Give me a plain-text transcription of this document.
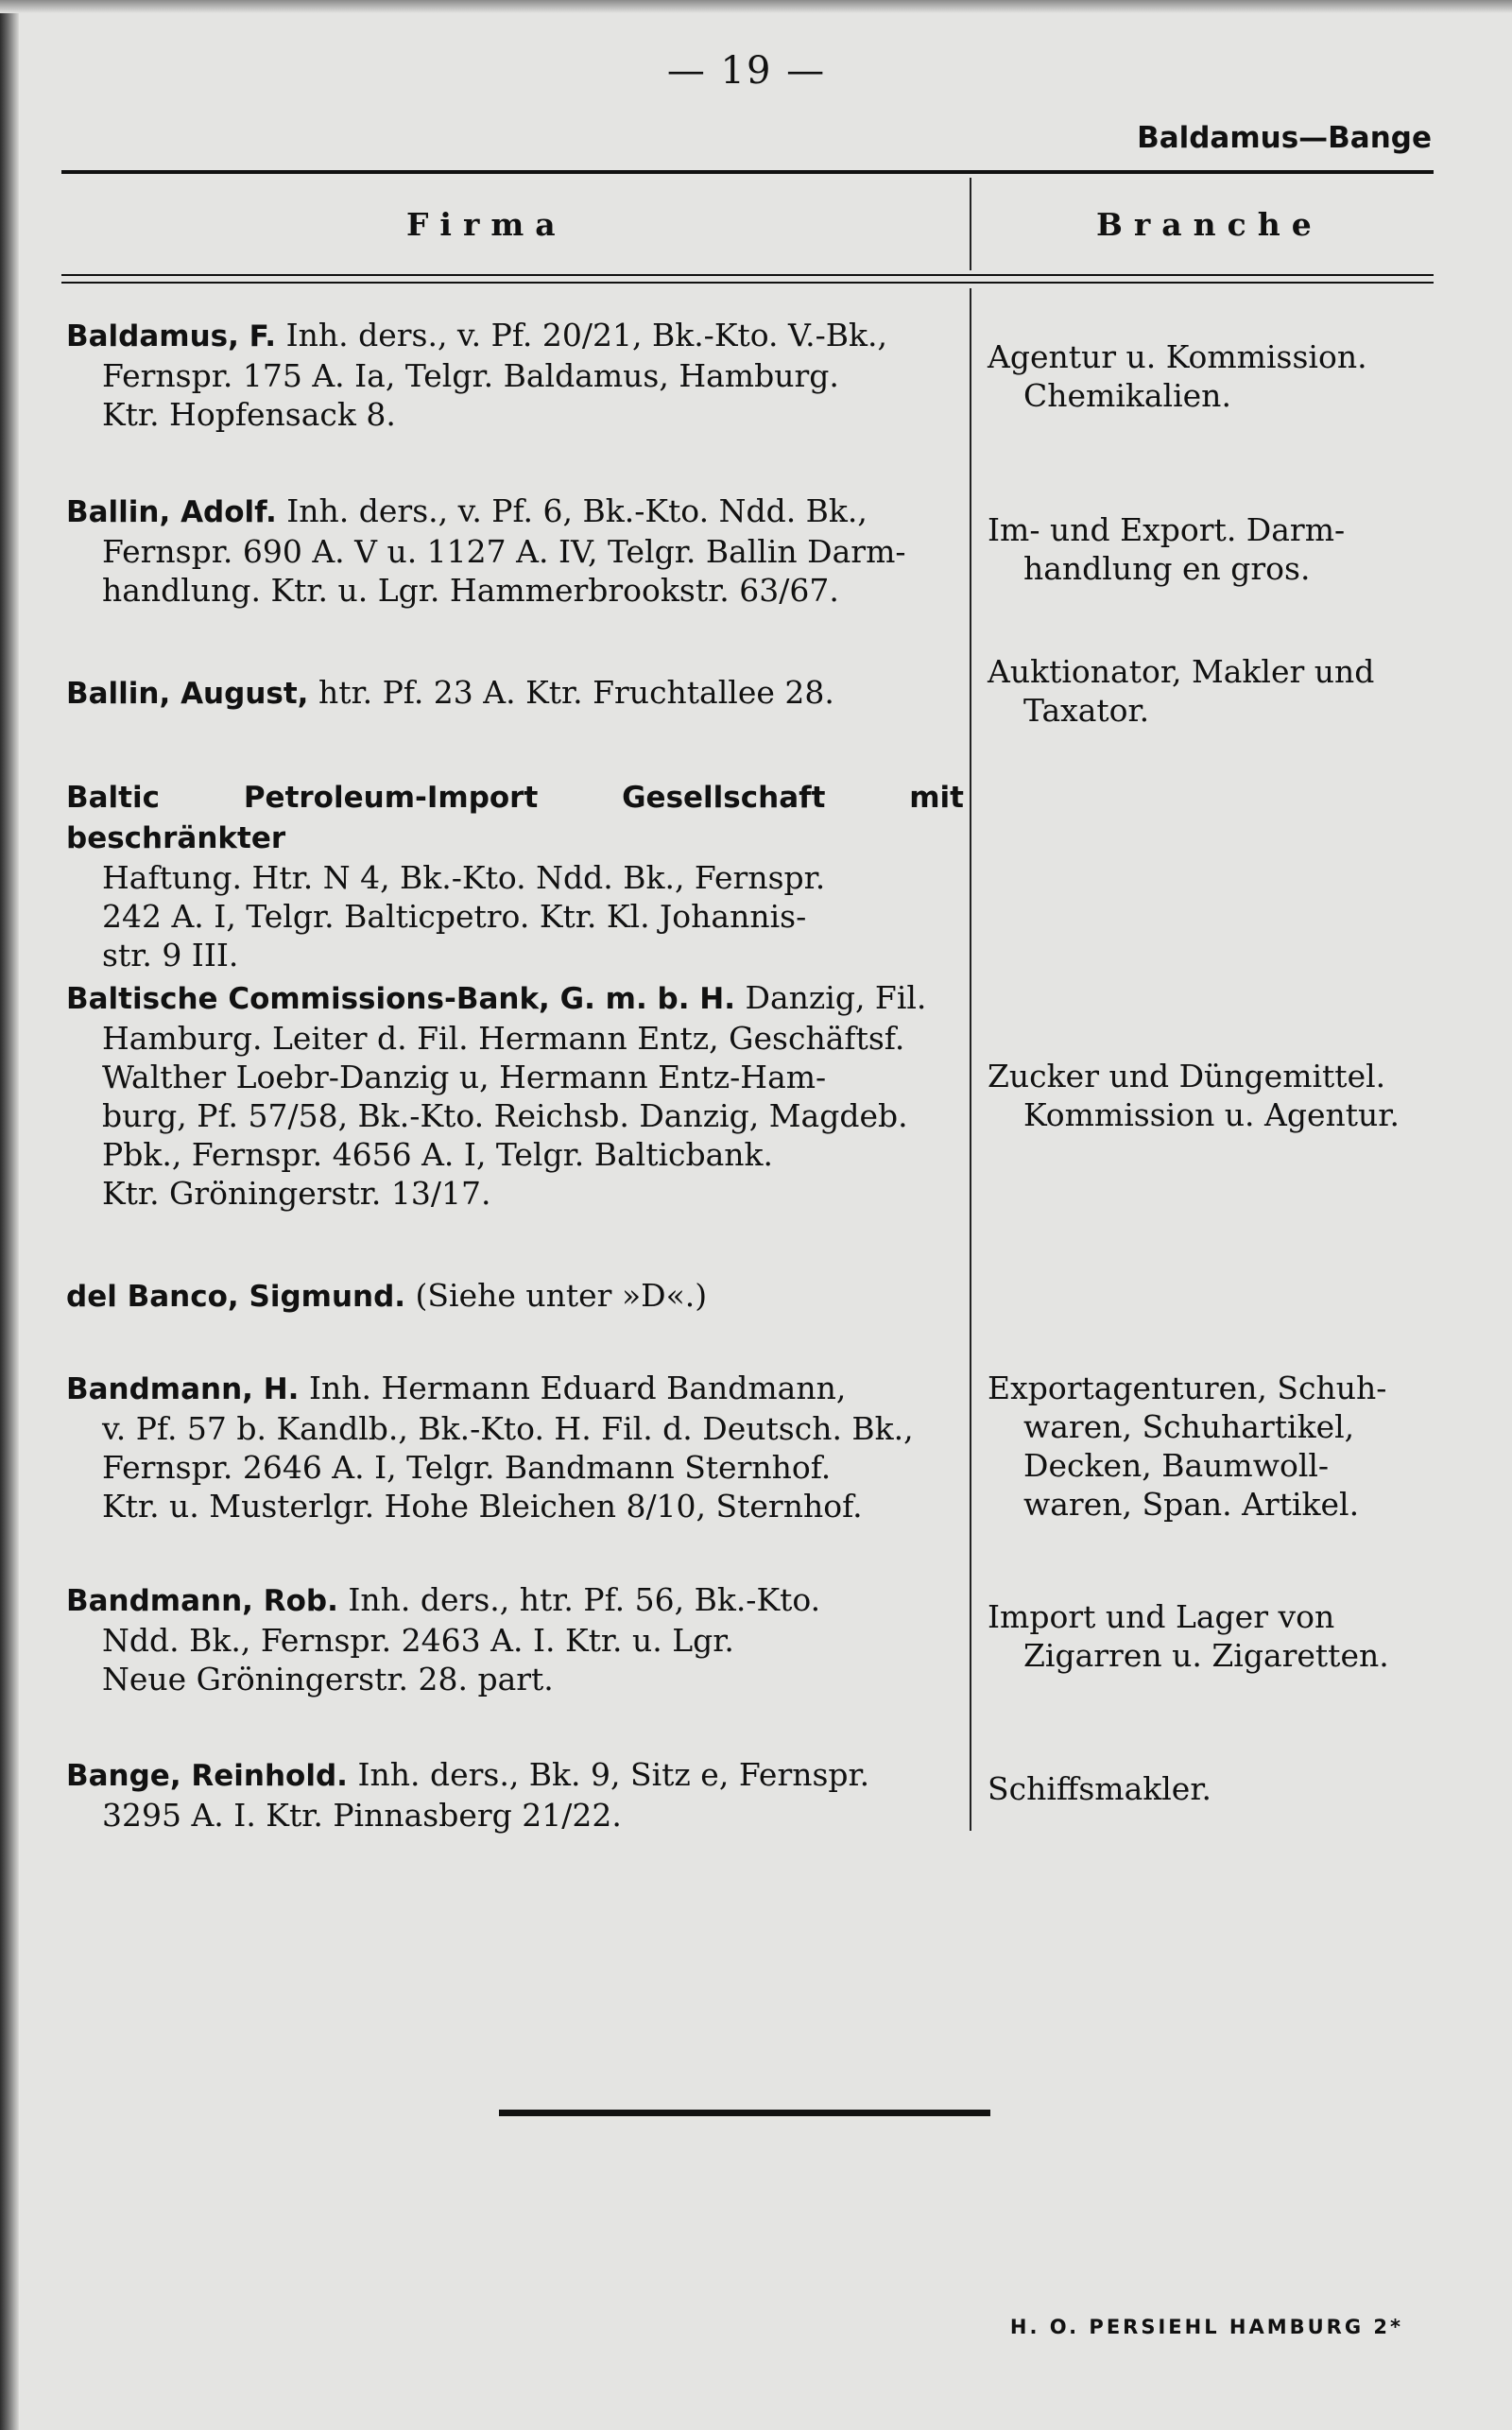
— 19 —
Baldamus—Bange
Firma	Branche
Baldamus, F. Inh. ders., v. Pf. 20/21, Bk.-Kto. V.-Bk.,
Fernspr. 175 A. Ia, Telgr. Baldamus, Hamburg.
Ktr. Hopfensack 8.
Agentur u. Kommission.
Chemikalien.
Ballin, Adolf. Inh. ders., v. Pf. 6, Bk.-Kto. Ndd. Bk.,
Fernspr. 690 A. V u. 1127 A. IV, Telgr. Ballin Darm-
handlung. Ktr. u. Lgr. Hammerbrookstr. 63/67.
Im- und Export. Darm-
handlung en gros.
Ballin, August, htr. Pf. 23 A. Ktr. Fruchtallee 28.
Auktionator, Makler und
Taxator.
Baltic Petroleum-Import Gesellschaft mit beschränkter
Haftung. Htr. N 4, Bk.-Kto. Ndd. Bk., Fernspr.
242 A. I, Telgr. Balticpetro. Ktr. Kl. Johannis-
str. 9 III.
Baltische Commissions-Bank, G. m. b. H. Danzig, Fil.
Hamburg. Leiter d. Fil. Hermann Entz, Geschäftsf.
Walther Loebr-Danzig u, Hermann Entz-Ham-
burg, Pf. 57/58, Bk.-Kto. Reichsb. Danzig, Magdeb.
Pbk., Fernspr. 4656 A. I, Telgr. Balticbank.
Ktr. Gröningerstr. 13/17.
Zucker und Düngemittel.
Kommission u. Agentur.
del Banco, Sigmund. (Siehe unter »D«.)
Bandmann, H. Inh. Hermann Eduard Bandmann,
v. Pf. 57 b. Kandlb., Bk.-Kto. H. Fil. d. Deutsch. Bk.,
Fernspr. 2646 A. I, Telgr. Bandmann Sternhof.
Ktr. u. Musterlgr. Hohe Bleichen 8/10, Sternhof.
Exportagenturen, Schuh-
waren, Schuhartikel,
Decken, Baumwoll-
waren, Span. Artikel.
Bandmann, Rob. Inh. ders., htr. Pf. 56, Bk.-Kto.
Ndd. Bk., Fernspr. 2463 A. I. Ktr. u. Lgr.
Neue Gröningerstr. 28. part.
Import und Lager von
Zigarren u. Zigaretten.
Bange, Reinhold. Inh. ders., Bk. 9, Sitz e, Fernspr.
3295 A. I. Ktr. Pinnasberg 21/22.
Schiffsmakler.
H. O. PERSIEHL HAMBURG 2*
